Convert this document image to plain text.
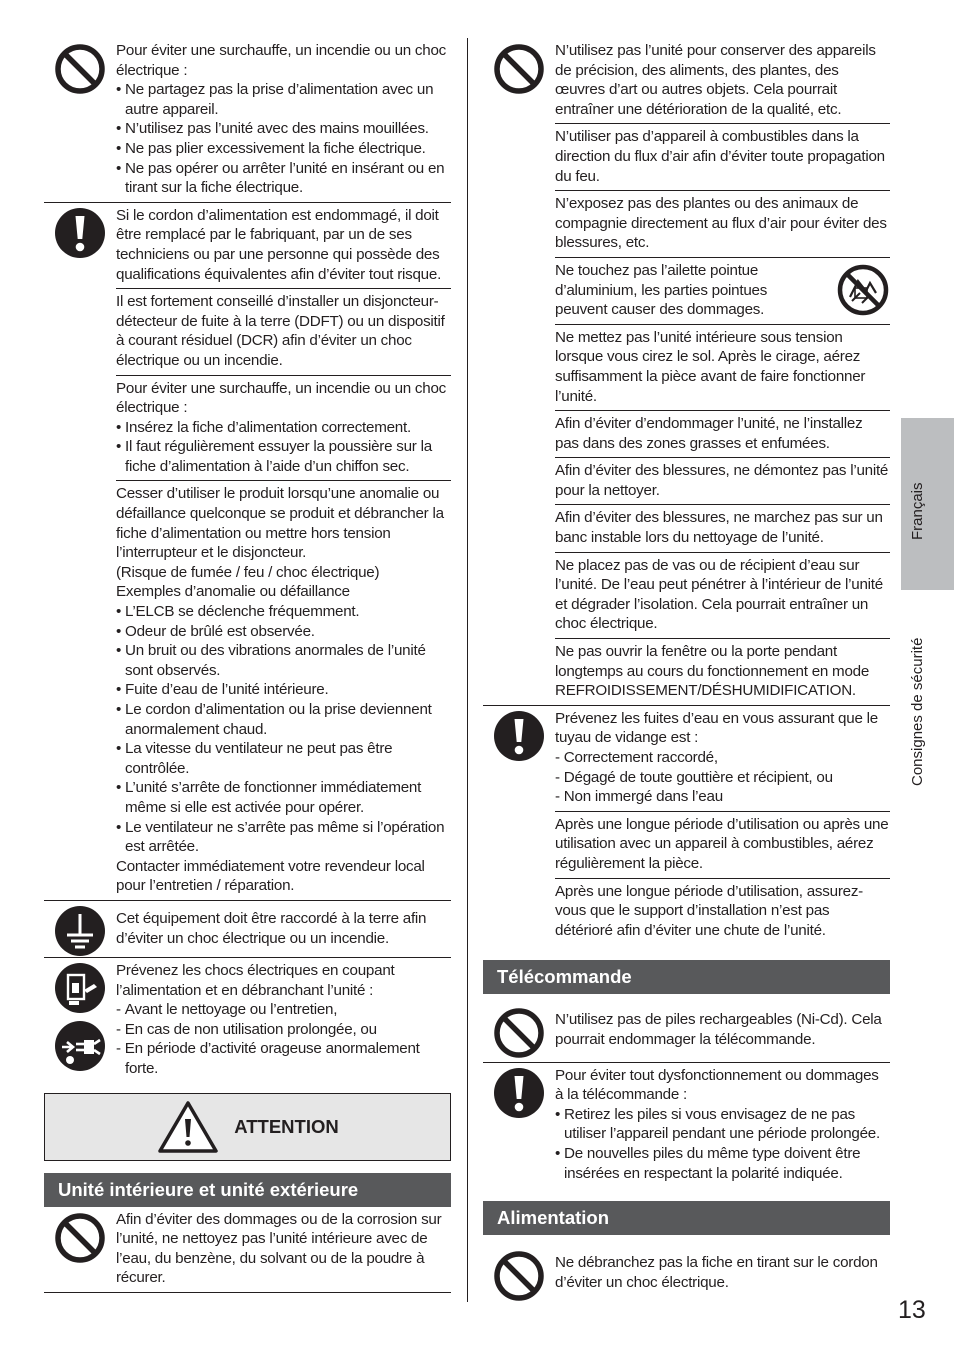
Pour éviter une surchauffe, un incendie ou un choc électrique :

• Ne partagez pas la prise d’alimentation avec un autre appareil.
• N’utilisez pas l’unité avec des mains mouillées.
• Ne pas plier excessivement la fiche électrique.
• Ne pas opérer ou arrêter l’unité en insérant ou en tirant sur la fiche électrique.

Si le cordon d’alimentation est endommagé, il doit être remplacé par le fabriquant, par un de ses techniciens ou par une personne qui possède des qualifications équivalentes afin d’éviter tout risque.

Il est fortement conseillé d’installer un disjoncteur-détecteur de fuite à la terre (DDFT) ou un dispositif à courant résiduel (DCR) afin d’éviter un choc électrique ou un incendie.

Pour éviter une surchauffe, un incendie ou un choc électrique :

• Insérez la fiche d’alimentation correctement.
• Il faut régulièrement essuyer la poussière sur la fiche d’alimentation à l’aide d’un chiffon sec.

Cesser d’utiliser le produit lorsqu’une anomalie ou défaillance quelconque se produit et débrancher la fiche d’alimentation ou mettre hors tension l’interrupteur et le disjoncteur.

(Risque de fumée / feu / choc électrique)

Exemples d’anomalie ou défaillance

• L’ELCB se déclenche fréquemment.
• Odeur de brûlé est observée.
• Un bruit ou des vibrations anormales de l’unité sont observés.
• Fuite d’eau de l’unité intérieure.
• Le cordon d’alimentation ou la prise deviennent anormalement chaud.
• La vitesse du ventilateur ne peut pas être contrôlée.
• L’unité s’arrête de fonctionner immédiatement même si elle est activée pour opérer.
• Le ventilateur ne s’arrête pas même si l’opération est arrêtée.

Contacter immédiatement votre revendeur local pour l’entretien / réparation.

Cet équipement doit être raccordé à la terre afin d’éviter un choc électrique ou un incendie.

Prévenez les chocs électriques en coupant l’alimentation et en débranchant l’unité :

- Avant le nettoyage ou l’entretien,
- En cas de non utilisation prolongée, ou
- En période d’activité orageuse anormalement forte.
ATTENTION
Unité intérieure et unité extérieure

Afin d’éviter des dommages ou de la corrosion sur l’unité, ne nettoyez pas l’unité intérieure avec de l’eau, du benzène, du solvant ou de la poudre à récurer.

N’utilisez pas l’unité pour conserver des appareils de précision, des aliments, des plantes, des œuvres d’art ou autres objets. Cela pourrait entraîner une détérioration de la qualité, etc.

N’utiliser pas d’appareil à combustibles dans la direction du flux d’air afin d’éviter toute propagation du feu.

N’exposez pas des plantes ou des animaux de compagnie directement au flux d’air pour éviter des blessures, etc.

Ne touchez pas l’ailette pointue d’aluminium, les parties pointues peuvent causer des dommages.

Ne mettez pas l’unité intérieure sous tension lorsque vous cirez le sol. Après le cirage, aérez suffisamment la pièce avant de faire fonctionner l’unité.

Afin d’éviter d’endommager l’unité, ne l’installez pas dans des zones grasses et enfumées.

Afin d’éviter des blessures, ne démontez pas l’unité pour la nettoyer.

Afin d’éviter des blessures, ne marchez pas sur un banc instable lors du nettoyage de l’unité.

Ne placez pas de vas ou de récipient d’eau sur l’unité. De l’eau peut pénétrer à l’intérieur de l’unité et dégrader l’isolation. Cela pourrait entraîner un choc électrique.

Ne pas ouvrir la fenêtre ou la porte pendant longtemps au cours du fonctionnement en mode REFROIDISSEMENT/DÉSHUMIDIFICATION.

Prévenez les fuites d’eau en vous assurant que le tuyau de vidange est :

- Correctement raccordé,
- Dégagé de toute gouttière et récipient, ou
- Non immergé dans l’eau

Après une longue période d’utilisation ou après une utilisation avec un appareil à combustibles, aérez régulièrement la pièce.

Après une longue période d’utilisation, assurez-vous que le support d’installation n’est pas détérioré afin d’éviter une chute de l’unité.

Télécommande

N’utilisez pas de piles rechargeables (Ni-Cd). Cela pourrait endommager la télécommande.

Pour éviter tout dysfonctionnement ou dommages à la télécommande :

• Retirez les piles si vous envisagez de ne pas utiliser l’appareil pendant une période prolongée.
• De nouvelles piles du même type doivent être insérées en respectant la polarité indiquée.
Alimentation

Ne débranchez pas la fiche en tirant sur le cordon d’éviter un choc électrique.

Français
Consignes de sécurité
13
